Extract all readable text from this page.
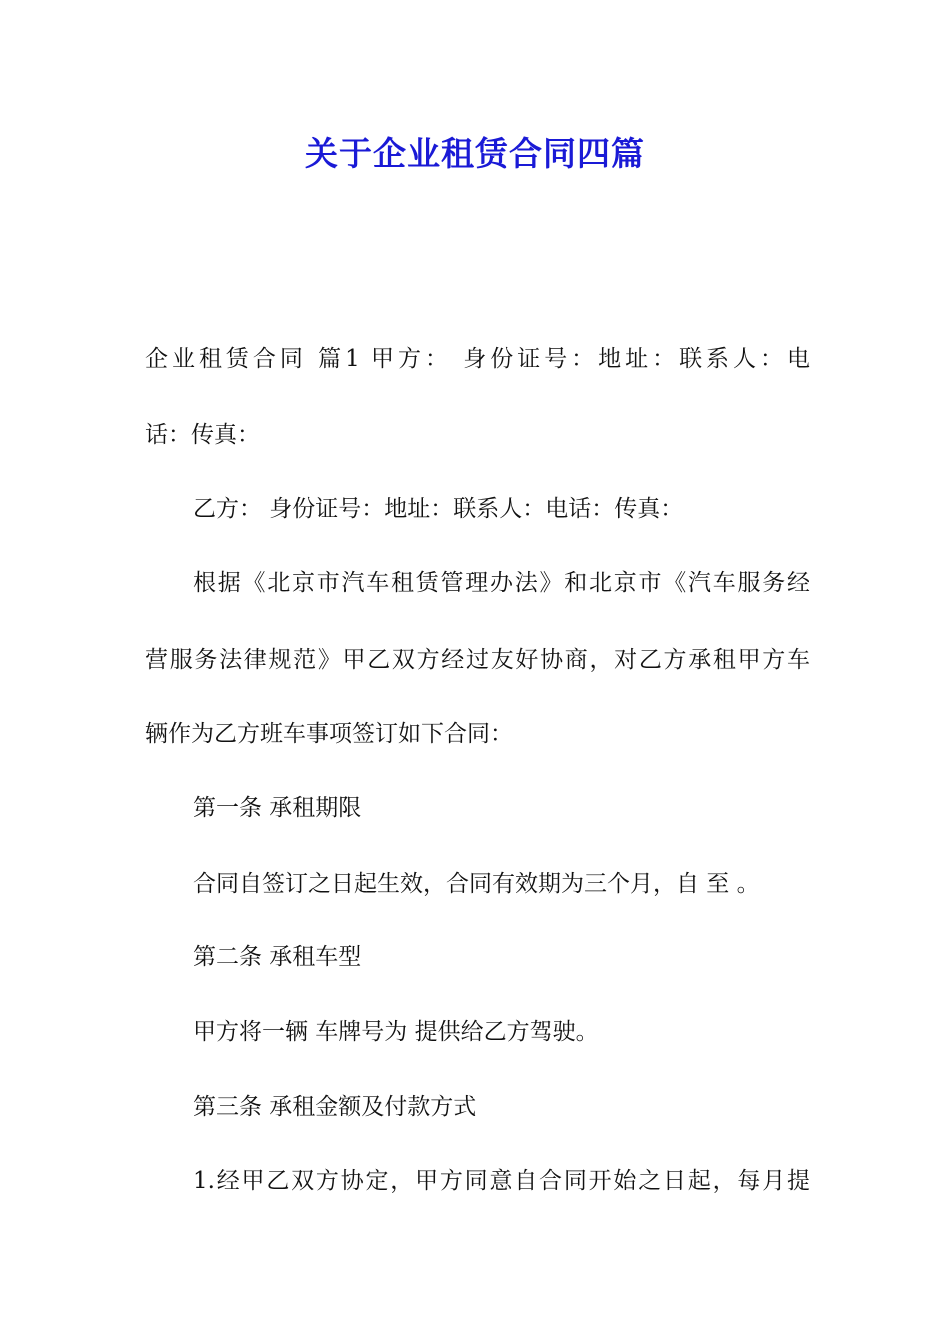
关于企业租赁合同四篇
企业租赁合同 篇1 甲方： 身份证号：地址：联系人：电
话：传真：
乙方： 身份证号：地址：联系人：电话：传真：
根据《北京市汽车租赁管理办法》和北京市《汽车服务经
营服务法律规范》甲乙双方经过友好协商，对乙方承租甲方车
辆作为乙方班车事项签订如下合同：
第一条 承租期限
合同自签订之日起生效，合同有效期为三个月，自 至 。
第二条 承租车型
甲方将一辆 车牌号为 提供给乙方驾驶。
第三条 承租金额及付款方式
1.经甲乙双方协定，甲方同意自合同开始之日起，每月提
